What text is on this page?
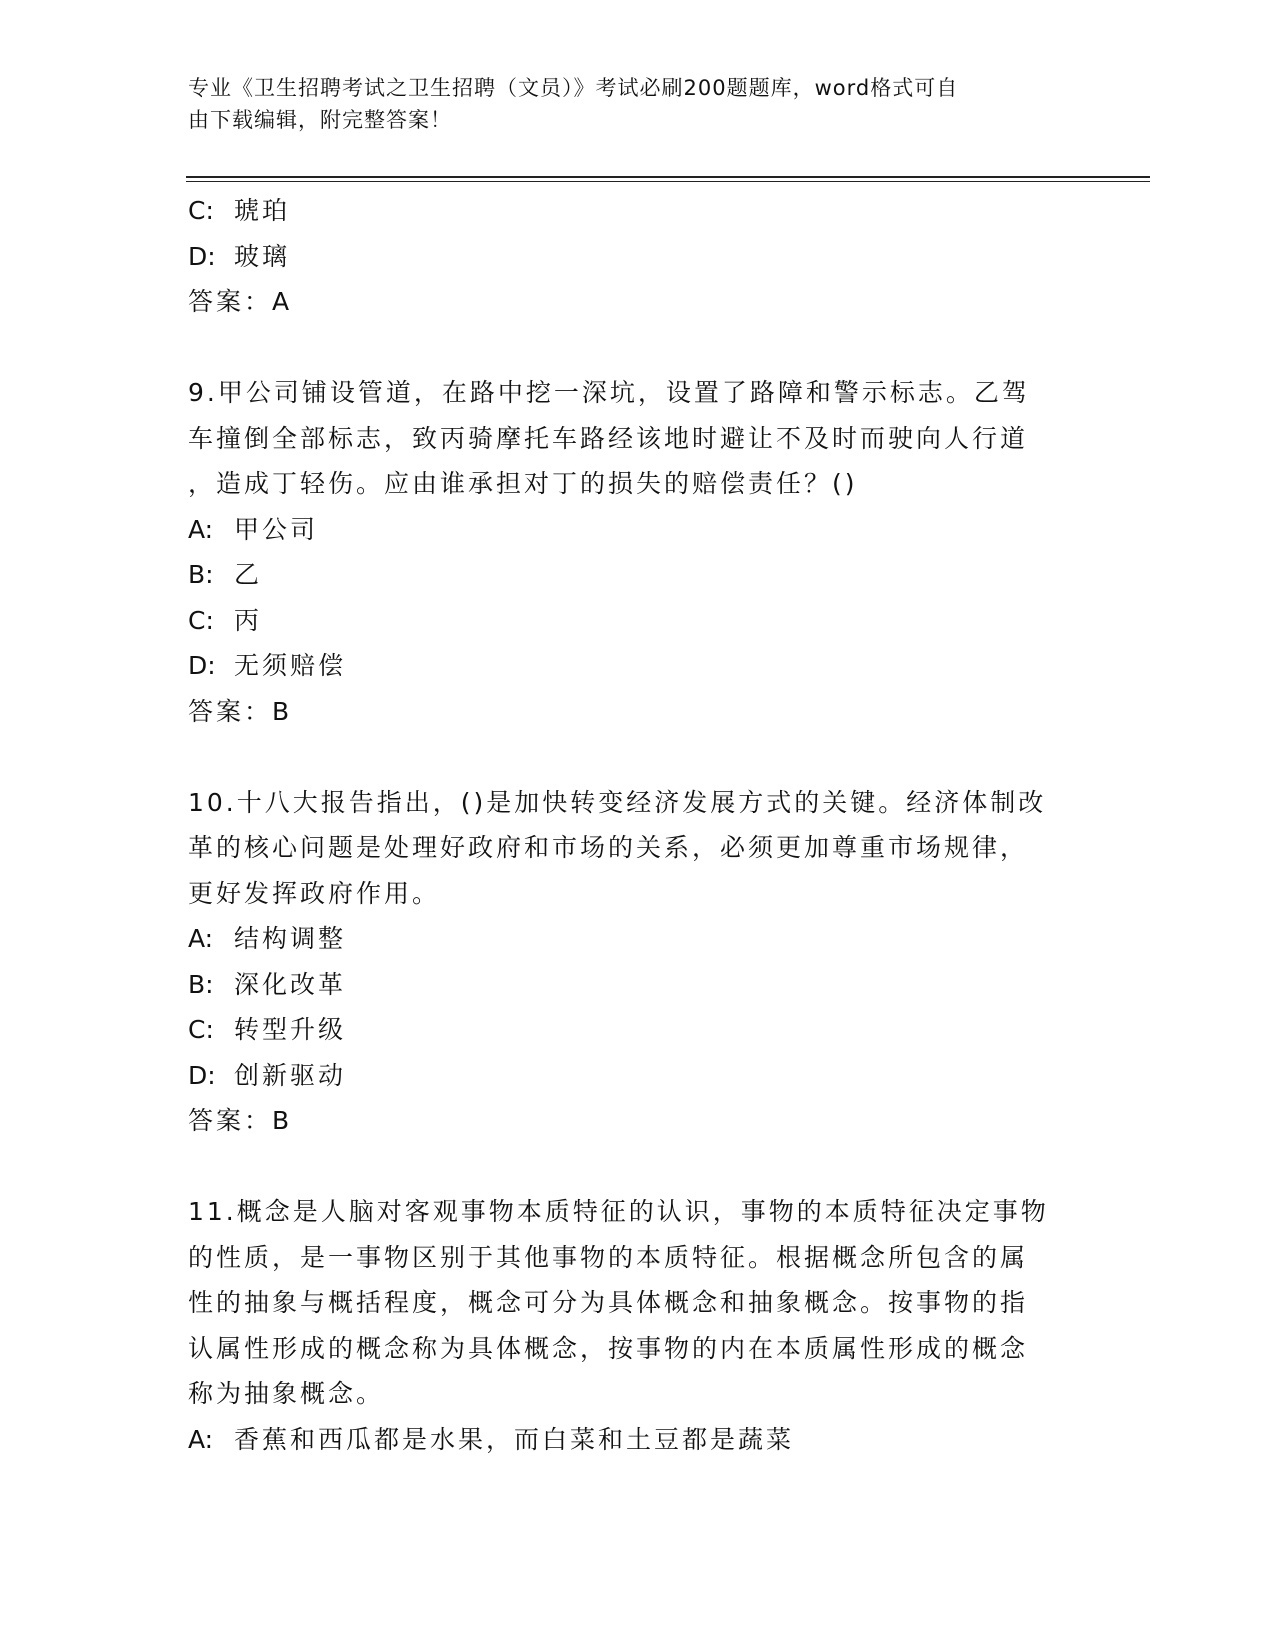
专业《卫生招聘考试之卫生招聘（文员）》考试必刷200题题库，word格式可自
由下载编辑，附完整答案！

C: 琥珀

D: 玻璃

答案：A

9.甲公司铺设管道，在路中挖一深坑，设置了路障和警示标志。乙驾
车撞倒全部标志，致丙骑摩托车路经该地时避让不及时而驶向人行道
，造成丁轻伤。应由谁承担对丁的损失的赔偿责任？()

A: 甲公司

B: 乙

C: 丙

D: 无须赔偿

答案：B

10.十八大报告指出，()是加快转变经济发展方式的关键。经济体制改
革的核心问题是处理好政府和市场的关系，必须更加尊重市场规律，
更好发挥政府作用。

A: 结构调整

B: 深化改革

C: 转型升级

D: 创新驱动

答案：B

11.概念是人脑对客观事物本质特征的认识，事物的本质特征决定事物
的性质，是一事物区别于其他事物的本质特征。根据概念所包含的属
性的抽象与概括程度，概念可分为具体概念和抽象概念。按事物的指
认属性形成的概念称为具体概念，按事物的内在本质属性形成的概念
称为抽象概念。

A: 香蕉和西瓜都是水果，而白菜和土豆都是蔬菜
